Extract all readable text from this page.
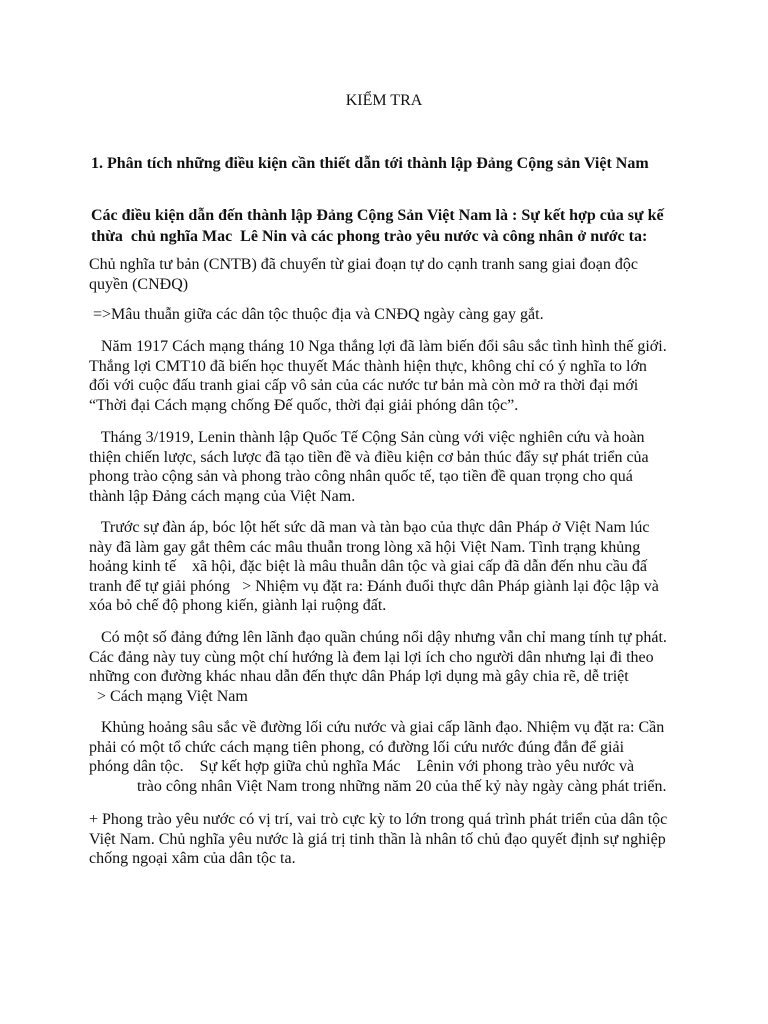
KIỂM TRA
1. Phân tích những điều kiện cần thiết dẫn tới thành lập Đảng Cộng sản Việt Nam
Các điều kiện dẫn đến thành lập Đảng Cộng Sản Việt Nam là : Sự kết hợp của sự kế
thừa  chủ nghĩa Mac  Lê Nin và các phong trào yêu nước và công nhân ở nước ta:
Chủ nghĩa tư bản (CNTB) đã chuyển từ giai đoạn tự do cạnh tranh sang giai đoạn độc
quyền (CNĐQ)
=>Mâu thuẫn giữa các dân tộc thuộc địa và CNĐQ ngày càng gay gắt.
Năm 1917 Cách mạng tháng 10 Nga thắng lợi đã làm biến đổi sâu sắc tình hình thế giới.
Thắng lợi CMT10 đã biến học thuyết Mác thành hiện thực, không chỉ có ý nghĩa to lớn
đối với cuộc đấu tranh giai cấp vô sản của các nước tư bản mà còn mở ra thời đại mới
“Thời đại Cách mạng chống Đế quốc, thời đại giải phóng dân tộc”.
Tháng 3/1919, Lenin thành lập Quốc Tế Cộng Sản cùng với việc nghiên cứu và hoàn
thiện chiến lược, sách lược đã tạo tiền đề và điều kiện cơ bản thúc đẩy sự phát triển của
phong trào cộng sản và phong trào công nhân quốc tế, tạo tiền đề quan trọng cho quá
thành lập Đảng cách mạng của Việt Nam.
Trước sự đàn áp, bóc lột hết sức dã man và tàn bạo của thực dân Pháp ở Việt Nam lúc
này đã làm gay gắt thêm các mâu thuẫn trong lòng xã hội Việt Nam. Tình trạng khủng
hoảng kinh tế    xã hội, đặc biệt là mâu thuẫn dân tộc và giai cấp đã dẫn đến nhu cầu đấ
tranh để tự giải phóng   > Nhiệm vụ đặt ra: Đánh đuổi thực dân Pháp giành lại độc lập và
xóa bỏ chế độ phong kiến, giành lại ruộng đất.
Có một số đảng đứng lên lãnh đạo quần chúng nổi dậy nhưng vẫn chỉ mang tính tự phát.
Các đảng này tuy cùng một chí hướng là đem lại lợi ích cho người dân nhưng lại đi theo
những con đường khác nhau dẫn đến thực dân Pháp lợi dụng mà gây chia rẽ, dễ triệt
> Cách mạng Việt Nam
Khủng hoảng sâu sắc về đường lối cứu nước và giai cấp lãnh đạo. Nhiệm vụ đặt ra: Cần
phải có một tổ chức cách mạng tiên phong, có đường lối cứu nước đúng đắn để giải
phóng dân tộc.    Sự kết hợp giữa chủ nghĩa Mác    Lênin với phong trào yêu nước và
trào công nhân Việt Nam trong những năm 20 của thế kỷ này ngày càng phát triển.
+ Phong trào yêu nước có vị trí, vai trò cực kỳ to lớn trong quá trình phát triển của dân tộc
Việt Nam. Chủ nghĩa yêu nước là giá trị tinh thần là nhân tố chủ đạo quyết định sự nghiệp
chống ngoại xâm của dân tộc ta.
